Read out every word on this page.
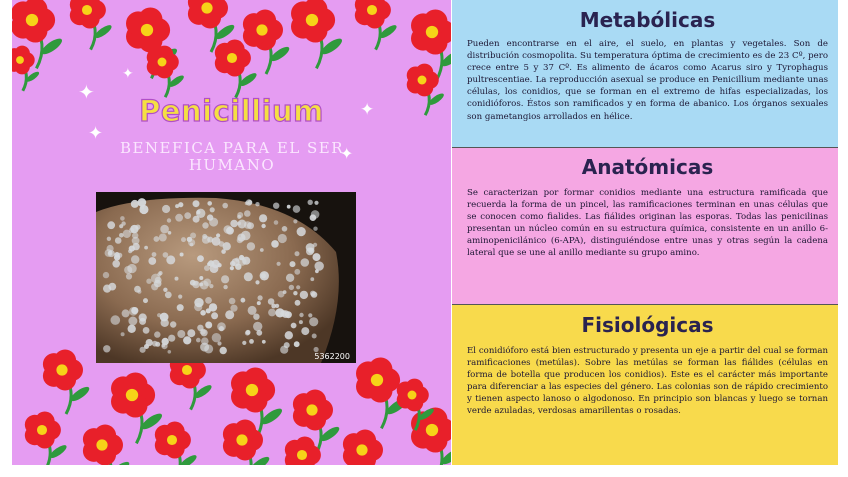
✦
✦
✦
✦
✦
Penicillium
BENEFICA PARA EL SER HUMANO
5362200
Metabólicas

Pueden encontrarse en el aire, el suelo, en plantas y vegetales. Son de distribución cosmopolita. Su temperatura óptima de crecimiento es de 23 Cº, pero crece entre 5 y 37 Cº. Es alimento de ácaros como Acarus siro y Tyrophagus pultrescentiae. La reproducción asexual se produce en Penicillium mediante unas células, los conidios, que se forman en el extremo de hifas especializadas, los conidióforos. Éstos son ramificados y en forma de abanico. Los órganos sexuales son gametangios arrollados en hélice.

Anatómicas

Se caracterizan por formar conidios mediante una estructura ramificada que recuerda la forma de un pincel, las ramificaciones terminan en unas células que se conocen como fialides. Las fiálides originan las esporas. Todas las penicilinas presentan un núcleo común en su estructura química, consistente en un anillo 6-aminopenicilánico (6-APA), distinguiéndose entre unas y otras según la cadena lateral que se une al anillo mediante su grupo amino.

Fisiológicas

El conidióforo está bien estructurado y presenta un eje a partir del cual se forman ramificaciones (metúlas). Sobre las metúlas se forman las fiálides (células en forma de botella que producen los conidios). Este es el carácter más importante para diferenciar a las especies del género. Las colonias son de rápido crecimiento y tienen aspecto lanoso o algodonoso. En principio son blancas y luego se tornan verde azuladas, verdosas amarillentas o rosadas.
